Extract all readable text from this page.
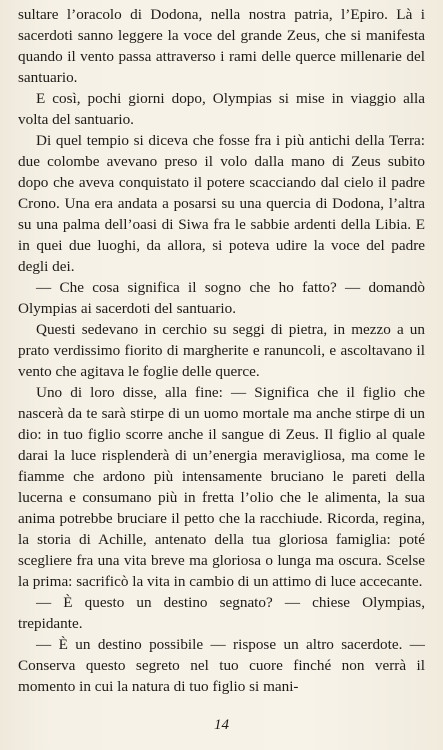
sultare l’oracolo di Dodona, nella nostra patria, l’Epiro. Là i sacerdoti sanno leggere la voce del grande Zeus, che si manifesta quando il vento passa attraverso i rami delle querce millenarie del santuario.

E così, pochi giorni dopo, Olympias si mise in viaggio alla volta del santuario.

Di quel tempio si diceva che fosse fra i più antichi della Terra: due colombe avevano preso il volo dalla mano di Zeus subito dopo che aveva conquistato il potere scacciando dal cielo il padre Crono. Una era andata a posarsi su una quercia di Dodona, l’altra su una palma dell’oasi di Siwa fra le sabbie ardenti della Libia. E in quei due luoghi, da allora, si poteva udire la voce del padre degli dei.

— Che cosa significa il sogno che ho fatto? — domandò Olympias ai sacerdoti del santuario.

Questi sedevano in cerchio su seggi di pietra, in mezzo a un prato verdissimo fiorito di margherite e ranuncoli, e ascoltavano il vento che agitava le foglie delle querce.

Uno di loro disse, alla fine: — Significa che il figlio che nascerà da te sarà stirpe di un uomo mortale ma anche stirpe di un dio: in tuo figlio scorre anche il sangue di Zeus. Il figlio al quale darai la luce risplenderà di un’energia meravigliosa, ma come le fiamme che ardono più intensamente bruciano le pareti della lucerna e consumano più in fretta l’olio che le alimenta, la sua anima potrebbe bruciare il petto che la racchiude. Ricorda, regina, la storia di Achille, antenato della tua gloriosa famiglia: poté scegliere fra una vita breve ma gloriosa o lunga ma oscura. Scelse la prima: sacrificò la vita in cambio di un attimo di luce accecante.

— È questo un destino segnato? — chiese Olympias, trepidante.

— È un destino possibile — rispose un altro sacerdote. — Conserva questo segreto nel tuo cuore finché non verrà il momento in cui la natura di tuo figlio si mani-

14
